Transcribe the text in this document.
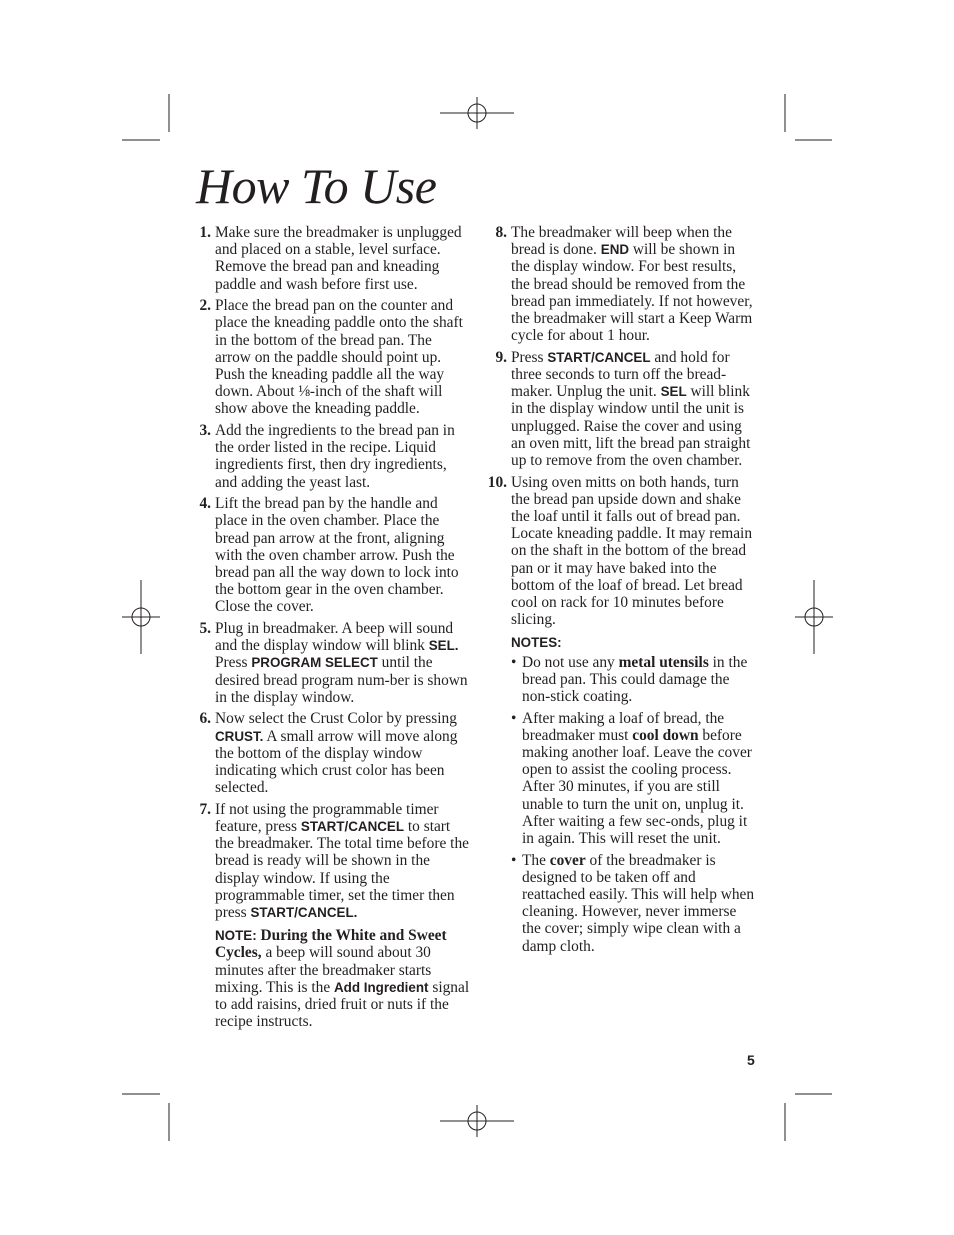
How To Use
1. Make sure the breadmaker is unplugged and placed on a stable, level surface. Remove the bread pan and kneading paddle and wash before first use.
2. Place the bread pan on the counter and place the kneading paddle onto the shaft in the bottom of the bread pan. The arrow on the paddle should point up. Push the kneading paddle all the way down. About ⅛-inch of the shaft will show above the kneading paddle.
3. Add the ingredients to the bread pan in the order listed in the recipe. Liquid ingredients first, then dry ingredients, and adding the yeast last.
4. Lift the bread pan by the handle and place in the oven chamber. Place the bread pan arrow at the front, aligning with the oven chamber arrow. Push the bread pan all the way down to lock into the bottom gear in the oven chamber. Close the cover.
5. Plug in breadmaker. A beep will sound and the display window will blink SEL. Press PROGRAM SELECT until the desired bread program num-ber is shown in the display window.
6. Now select the Crust Color by pressing CRUST. A small arrow will move along the bottom of the display window indicating which crust color has been selected.
7. If not using the programmable timer feature, press START/CANCEL to start the breadmaker. The total time before the bread is ready will be shown in the display window. If using the programmable timer, set the timer then press START/CANCEL.
NOTE: During the White and Sweet Cycles, a beep will sound about 30 minutes after the breadmaker starts mixing. This is the Add Ingredient signal to add raisins, dried fruit or nuts if the recipe instructs.
8. The breadmaker will beep when the bread is done. END will be shown in the display window. For best results, the bread should be removed from the bread pan immediately. If not however, the breadmaker will start a Keep Warm cycle for about 1 hour.
9. Press START/CANCEL and hold for three seconds to turn off the bread-maker. Unplug the unit. SEL will blink in the display window until the unit is unplugged. Raise the cover and using an oven mitt, lift the bread pan straight up to remove from the oven chamber.
10. Using oven mitts on both hands, turn the bread pan upside down and shake the loaf until it falls out of bread pan. Locate kneading paddle. It may remain on the shaft in the bottom of the bread pan or it may have baked into the bottom of the loaf of bread. Let bread cool on rack for 10 minutes before slicing.
NOTES:
• Do not use any metal utensils in the bread pan. This could damage the non-stick coating.
• After making a loaf of bread, the breadmaker must cool down before making another loaf. Leave the cover open to assist the cooling process. After 30 minutes, if you are still unable to turn the unit on, unplug it. After waiting a few sec-onds, plug it in again. This will reset the unit.
• The cover of the breadmaker is designed to be taken off and reattached easily. This will help when cleaning. However, never immerse the cover; simply wipe clean with a damp cloth.
5
